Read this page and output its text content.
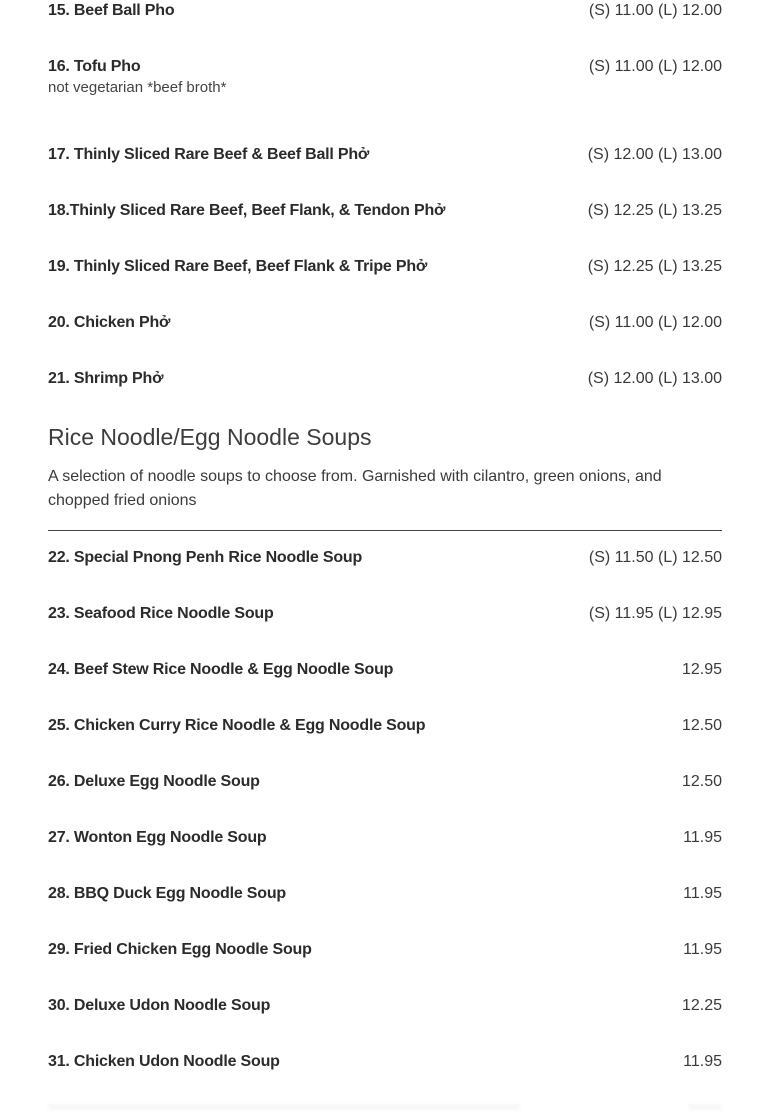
15. Beef Ball Pho	(S) 11.00 (L) 12.00
16. Tofu Pho	(S) 11.00 (L) 12.00
not vegetarian *beef broth*
17. Thinly Sliced Rare Beef & Beef Ball Phở	(S) 12.00 (L) 13.00
18.Thinly Sliced Rare Beef, Beef Flank, & Tendon Phở	(S) 12.25 (L) 13.25
19. Thinly Sliced Rare Beef, Beef Flank & Tripe Phở	(S) 12.25 (L) 13.25
20. Chicken Phở	(S) 11.00 (L) 12.00
21. Shrimp Phở	(S) 12.00 (L) 13.00
Rice Noodle/Egg Noodle Soups
A selection of noodle soups to choose from. Garnished with cilantro, green onions, and chopped fried onions
22. Special Pnong Penh Rice Noodle Soup	(S) 11.50 (L) 12.50
23. Seafood Rice Noodle Soup	(S) 11.95 (L) 12.95
24. Beef Stew Rice Noodle & Egg Noodle Soup	12.95
25. Chicken Curry Rice Noodle & Egg Noodle Soup	12.50
26. Deluxe Egg Noodle Soup	12.50
27. Wonton Egg Noodle Soup	11.95
28. BBQ Duck Egg Noodle Soup	11.95
29. Fried Chicken Egg Noodle Soup	11.95
30. Deluxe Udon Noodle Soup	12.25
31. Chicken Udon Noodle Soup	11.95
